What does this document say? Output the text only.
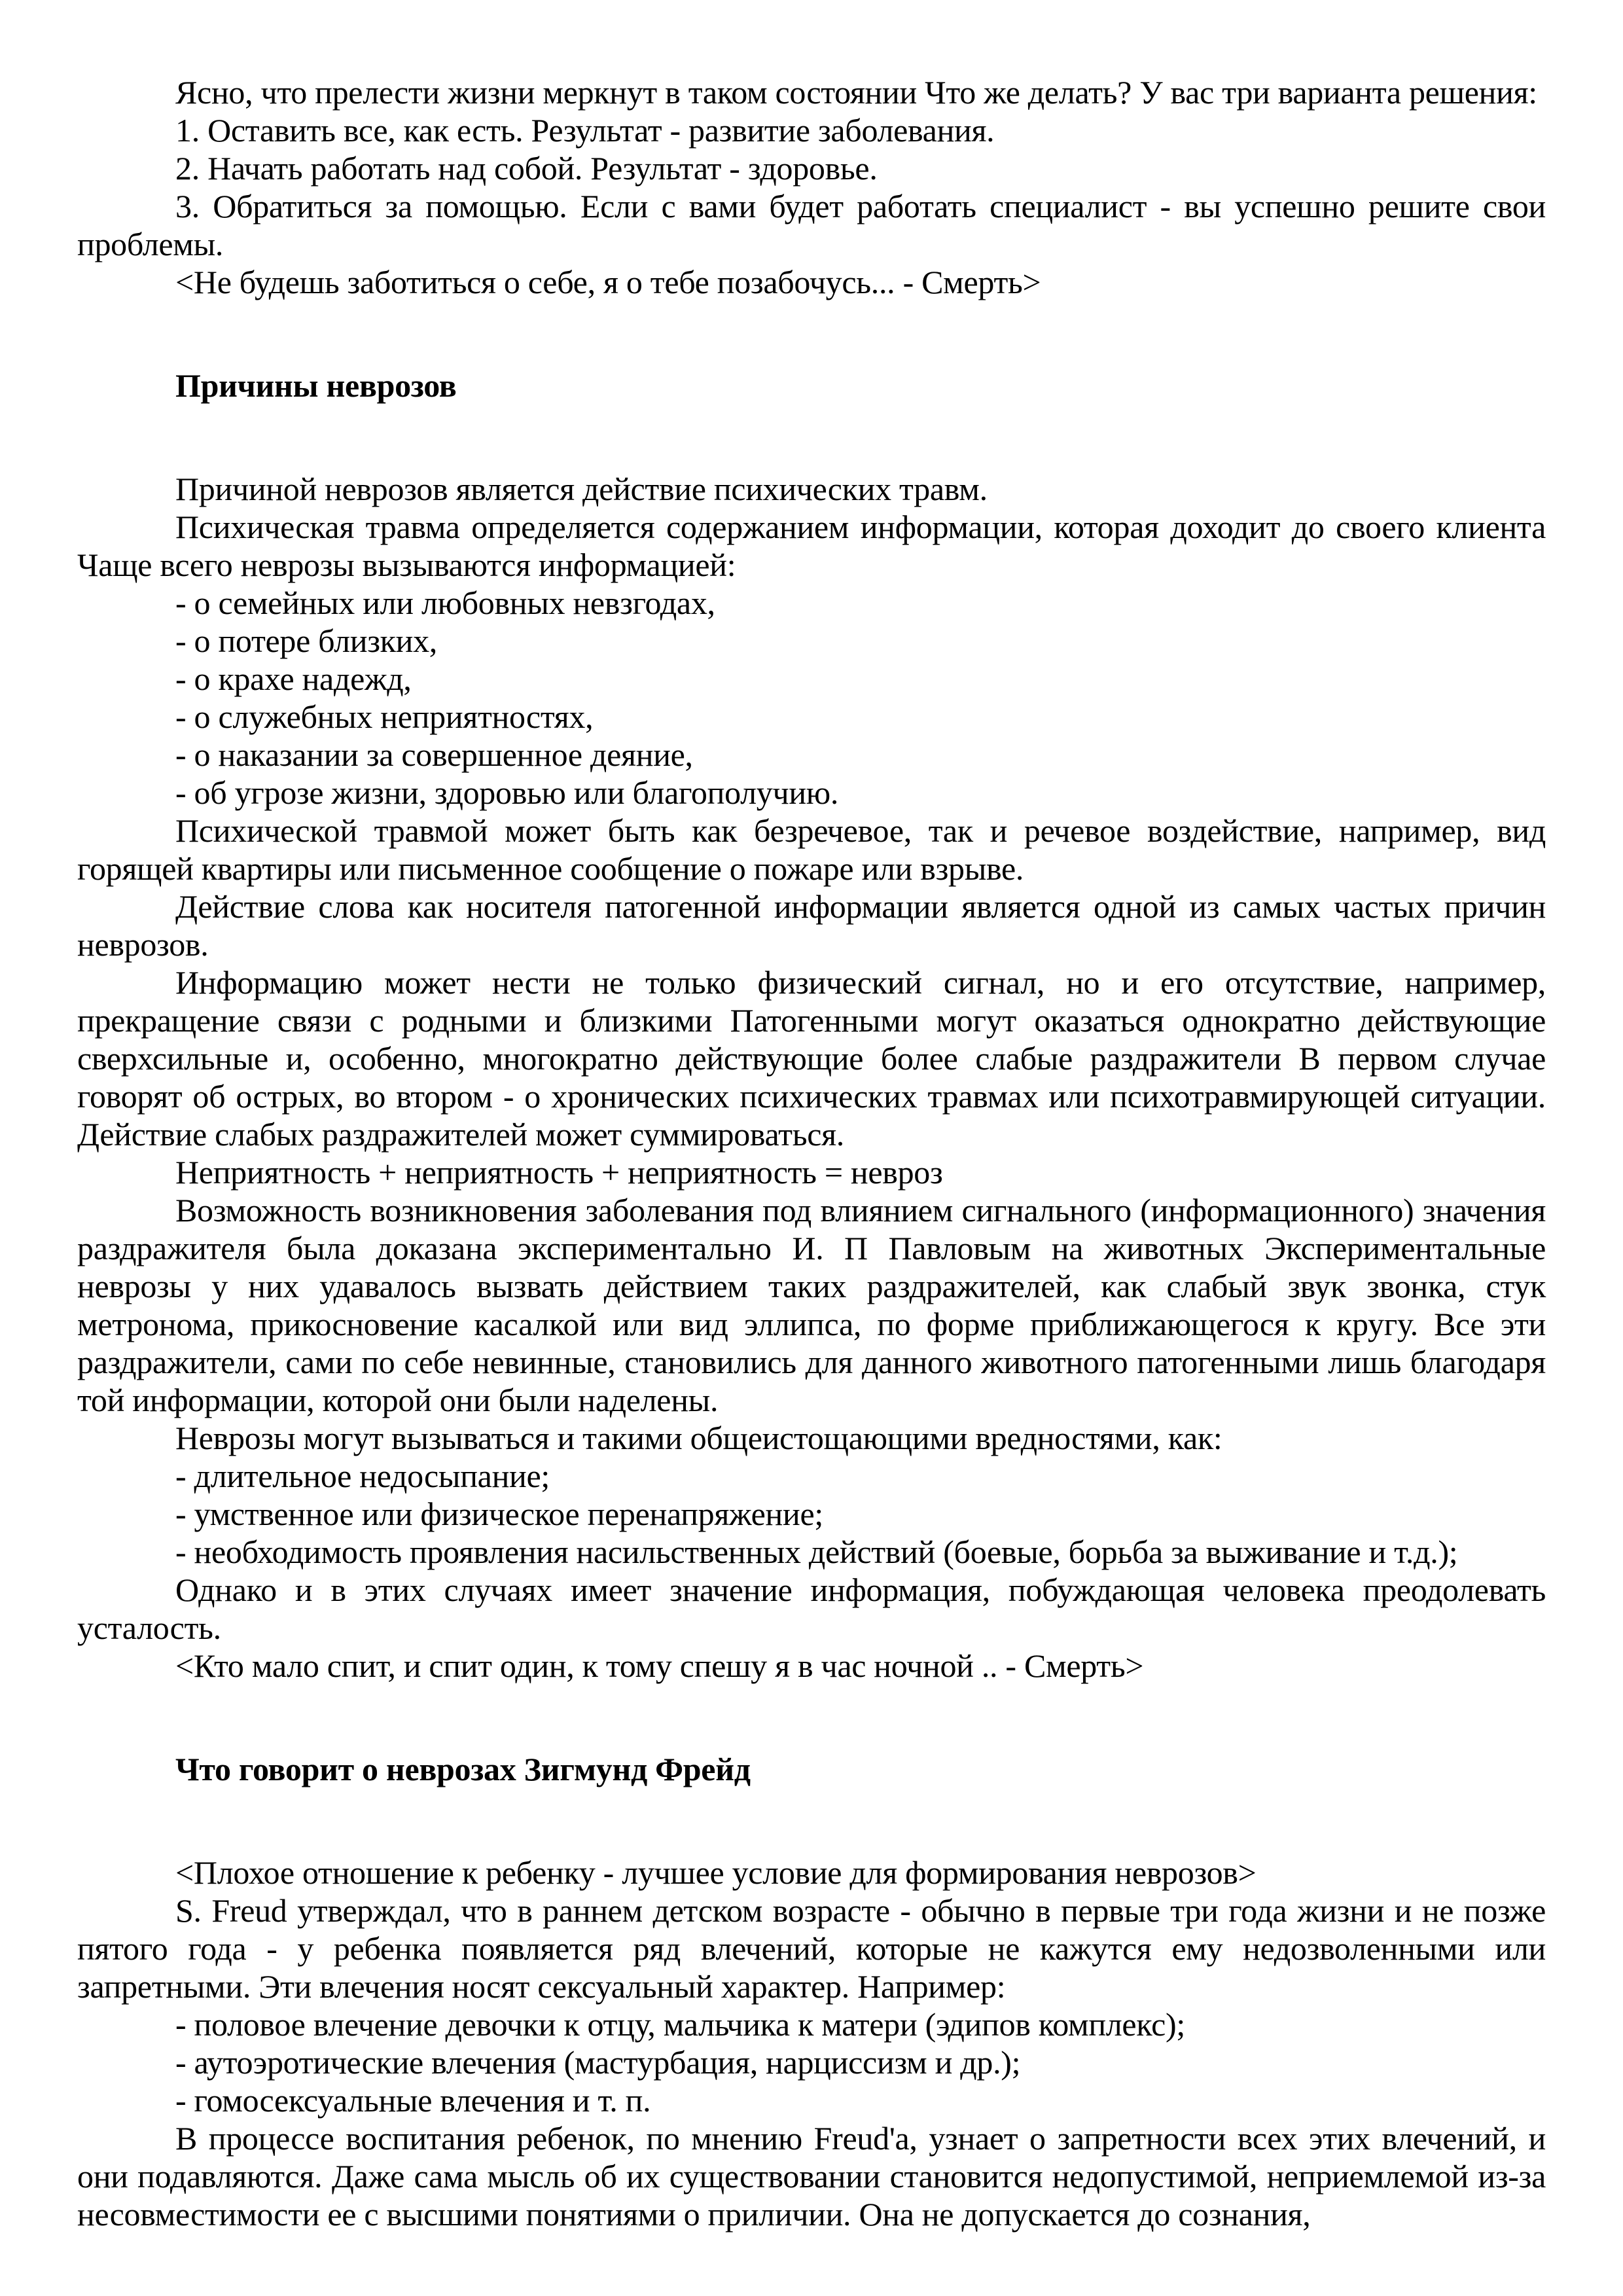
Ясно, что прелести жизни меркнут в таком состоянии Что же делать? У вас три варианта решения:

1. Оставить все, как есть. Результат - развитие заболевания.

2. Начать работать над собой. Результат - здоровье.

3. Обратиться за помощью. Если с вами будет работать специалист - вы успешно решите свои проблемы.

<Не будешь заботиться о себе, я о тебе позабочусь... - Смерть>

Причины неврозов

Причиной неврозов является действие психических травм.

Психическая травма определяется содержанием информации, которая доходит до своего клиента Чаще всего неврозы вызываются информацией:

- о семейных или любовных невзгодах,

- о потере близких,

- о крахе надежд,

- о служебных неприятностях,

- о наказании за совершенное деяние,

- об угрозе жизни, здоровью или благополучию.

Психической травмой может быть как безречевое, так и речевое воздействие, например, вид горящей квартиры или письменное сообщение о пожаре или взрыве.

Действие слова как носителя патогенной информации является одной из самых частых причин неврозов.

Информацию может нести не только физический сигнал, но и его отсутствие, например, прекращение связи с родными и близкими Патогенными могут оказаться однократно действующие сверхсильные и, особенно, многократно действующие более слабые раздражители В первом случае говорят об острых, во втором - о хронических психических травмах или психотравмирующей ситуации. Действие слабых раздражителей может суммироваться.

Неприятность + неприятность + неприятность = невроз

Возможность возникновения заболевания под влиянием сигнального (информационного) значения раздражителя была доказана экспериментально И. П Павловым на животных Экспериментальные неврозы у них удавалось вызвать действием таких раздражителей, как слабый звук звонка, стук метронома, прикосновение касалкой или вид эллипса, по форме приближающегося к кругу. Все эти раздражители, сами по себе невинные, становились для данного животного патогенными лишь благодаря той информации, которой они были наделены.

Неврозы могут вызываться и такими общеистощающими вредностями, как:

- длительное недосыпание;

- умственное или физическое перенапряжение;

- необходимость проявления насильственных действий (боевые, борьба за выживание и т.д.);

Однако и в этих случаях имеет значение информация, побуждающая человека преодолевать усталость.

<Кто мало спит, и спит один, к тому спешу я в час ночной .. - Смерть>

Что говорит о неврозах Зигмунд Фрейд

<Плохое отношение к ребенку - лучшее условие для формирования неврозов>

S. Freud утверждал, что в раннем детском возрасте - обычно в первые три года жизни и не позже пятого года - у ребенка появляется ряд влечений, которые не кажутся ему недозволенными или запретными. Эти влечения носят сексуальный характер. Например:

- половое влечение девочки к отцу, мальчика к матери (эдипов комплекс);

- аутоэротические влечения (мастурбация, нарциссизм и др.);

- гомосексуальные влечения и т. п.

В процессе воспитания ребенок, по мнению Freud'a, узнает о запретности всех этих влечений, и они подавляются. Даже сама мысль об их существовании становится недопустимой, неприемлемой из-за несовместимости ее с высшими понятиями о приличии. Она не допускается до сознания,
